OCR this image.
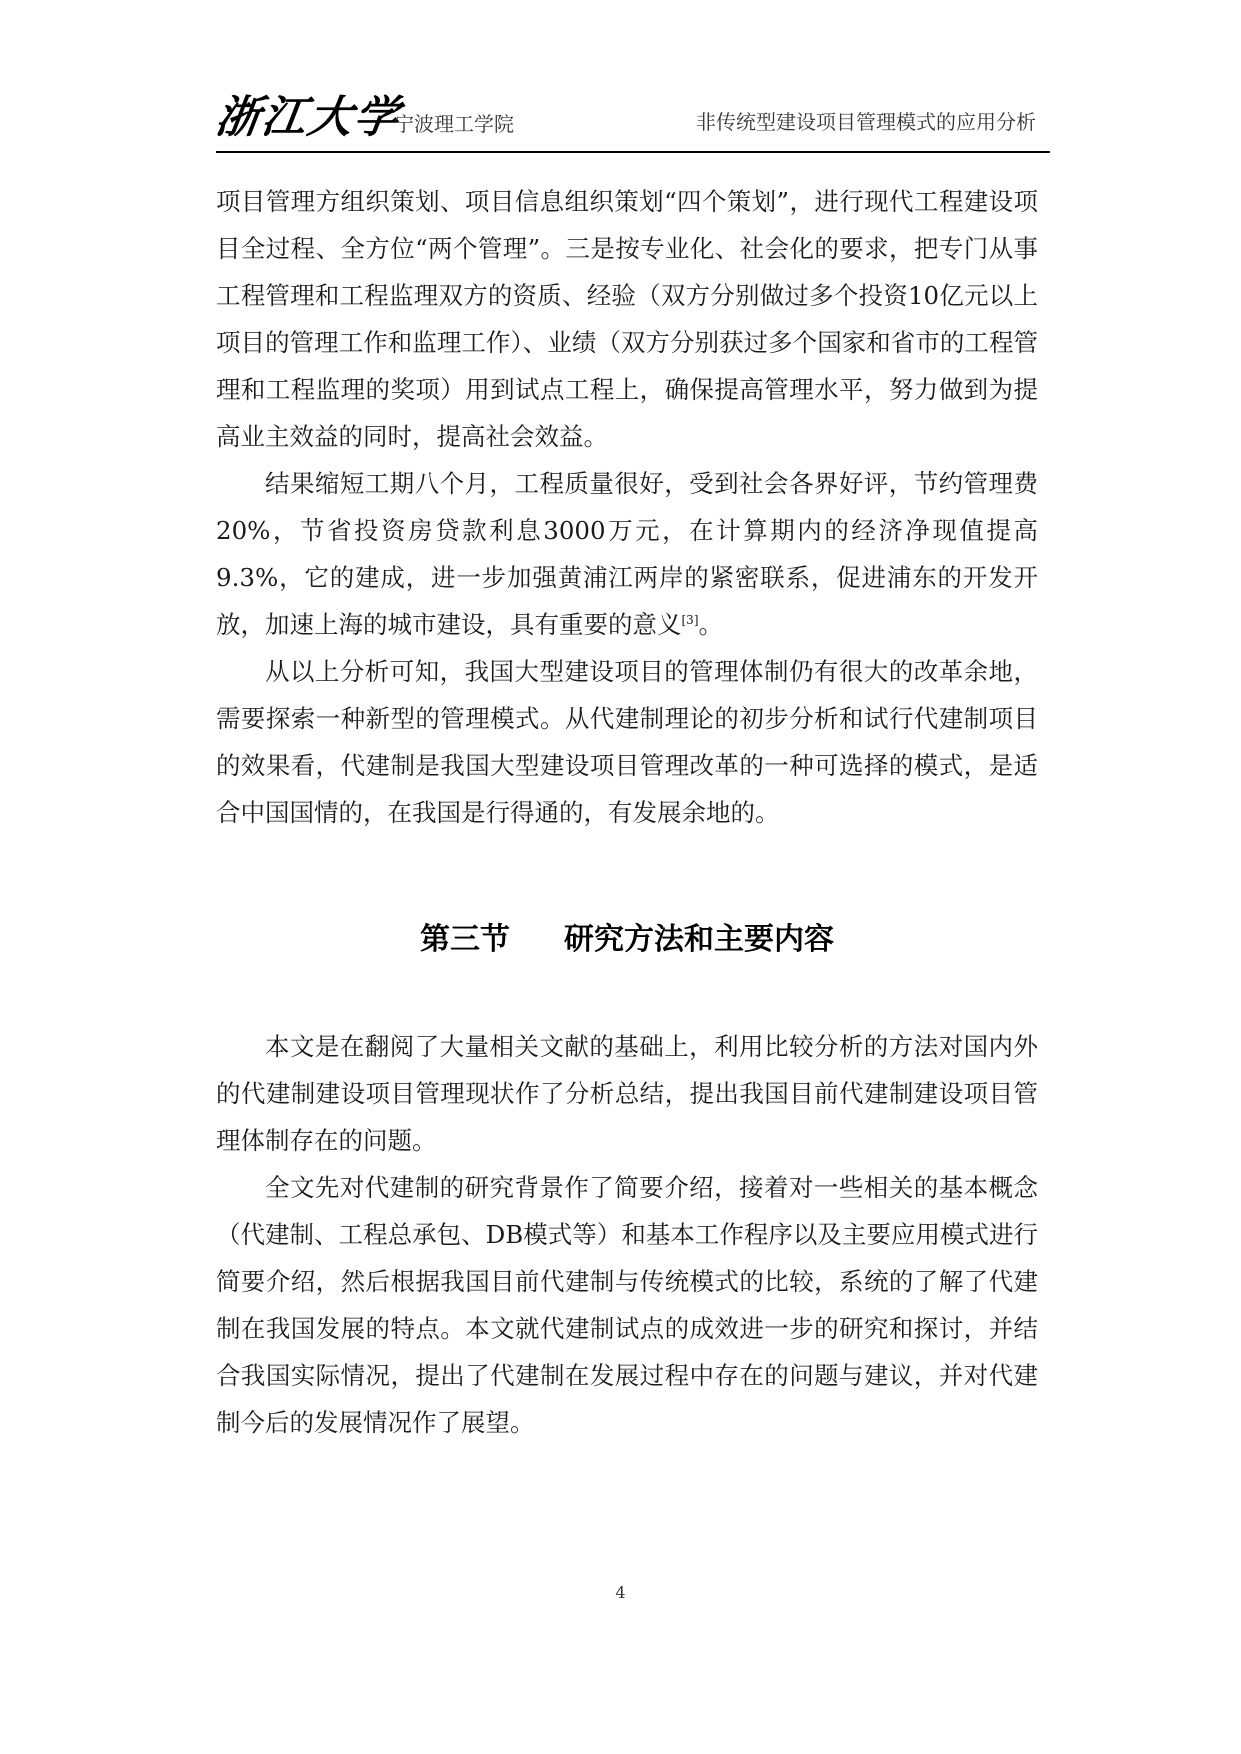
浙江大学
宁波理工学院	非传统型建设项目管理模式的应用分析

项目管理方组织策划、项目信息组织策划“四个策划”，进行现代工程建设项目全过程、全方位“两个管理”。三是按专业化、社会化的要求，把专门从事工程管理和工程监理双方的资质、经验（双方分别做过多个投资10亿元以上项目的管理工作和监理工作）、业绩（双方分别获过多个国家和省市的工程管理和工程监理的奖项）用到试点工程上，确保提高管理水平，努力做到为提高业主效益的同时，提高社会效益。

结果缩短工期八个月，工程质量很好，受到社会各界好评，节约管理费20%，节省投资房贷款利息3000万元，在计算期内的经济净现值提高9.3%，它的建成，进一步加强黄浦江两岸的紧密联系，促进浦东的开发开放，加速上海的城市建设，具有重要的意义[3]。

从以上分析可知，我国大型建设项目的管理体制仍有很大的改革余地，需要探索一种新型的管理模式。从代建制理论的初步分析和试行代建制项目的效果看，代建制是我国大型建设项目管理改革的一种可选择的模式，是适合中国国情的，在我国是行得通的，有发展余地的。

第三节 研究方法和主要内容

本文是在翻阅了大量相关文献的基础上，利用比较分析的方法对国内外的代建制建设项目管理现状作了分析总结，提出我国目前代建制建设项目管理体制存在的问题。

全文先对代建制的研究背景作了简要介绍，接着对一些相关的基本概念（代建制、工程总承包、DB模式等）和基本工作程序以及主要应用模式进行简要介绍，然后根据我国目前代建制与传统模式的比较，系统的了解了代建制在我国发展的特点。本文就代建制试点的成效进一步的研究和探讨，并结合我国实际情况，提出了代建制在发展过程中存在的问题与建议，并对代建制今后的发展情况作了展望。

4
